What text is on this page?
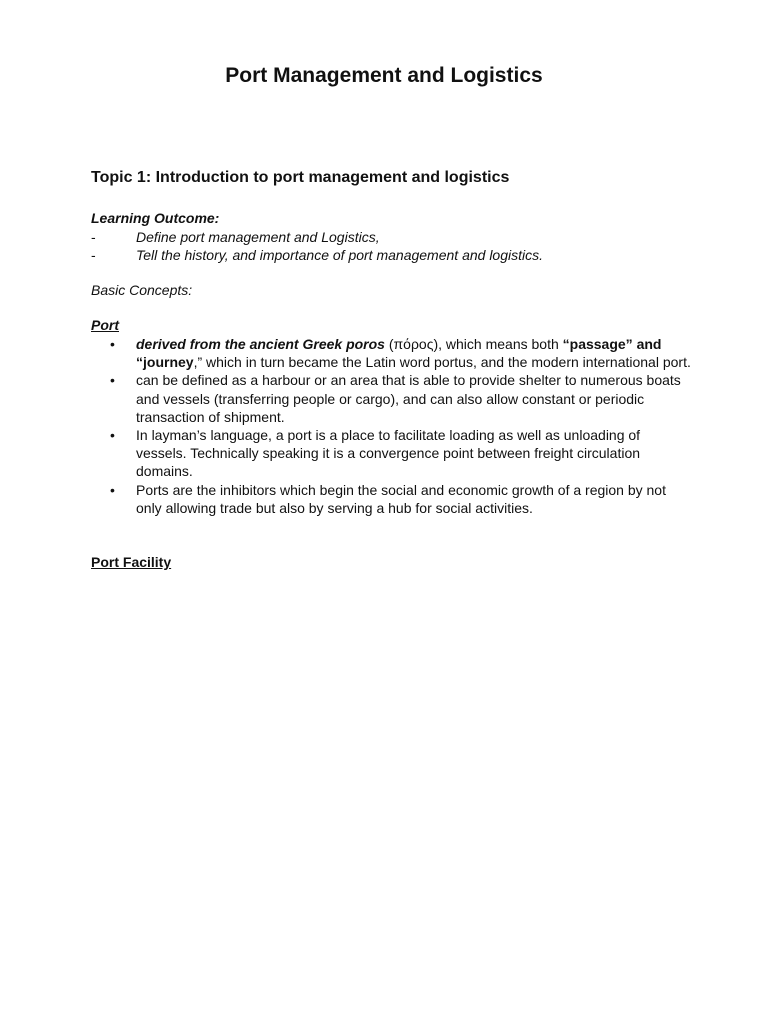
Port Management and Logistics
Topic 1: Introduction to port management and logistics
Learning Outcome:
-	Define port management and Logistics,
-	Tell the history, and importance of port management and logistics.
Basic Concepts:
Port
• derived from the ancient Greek poros (πόρος), which means both “passage” and “journey,” which in turn became the Latin word portus, and the modern international port.
• can be defined as a harbour or an area that is able to provide shelter to numerous boats and vessels (transferring people or cargo), and can also allow constant or periodic transaction of shipment.
• In layman’s language, a port is a place to facilitate loading as well as unloading of vessels. Technically speaking it is a convergence point between freight circulation domains.
• Ports are the inhibitors which begin the social and economic growth of a region by not only allowing trade but also by serving a hub for social activities.
Port Facility
